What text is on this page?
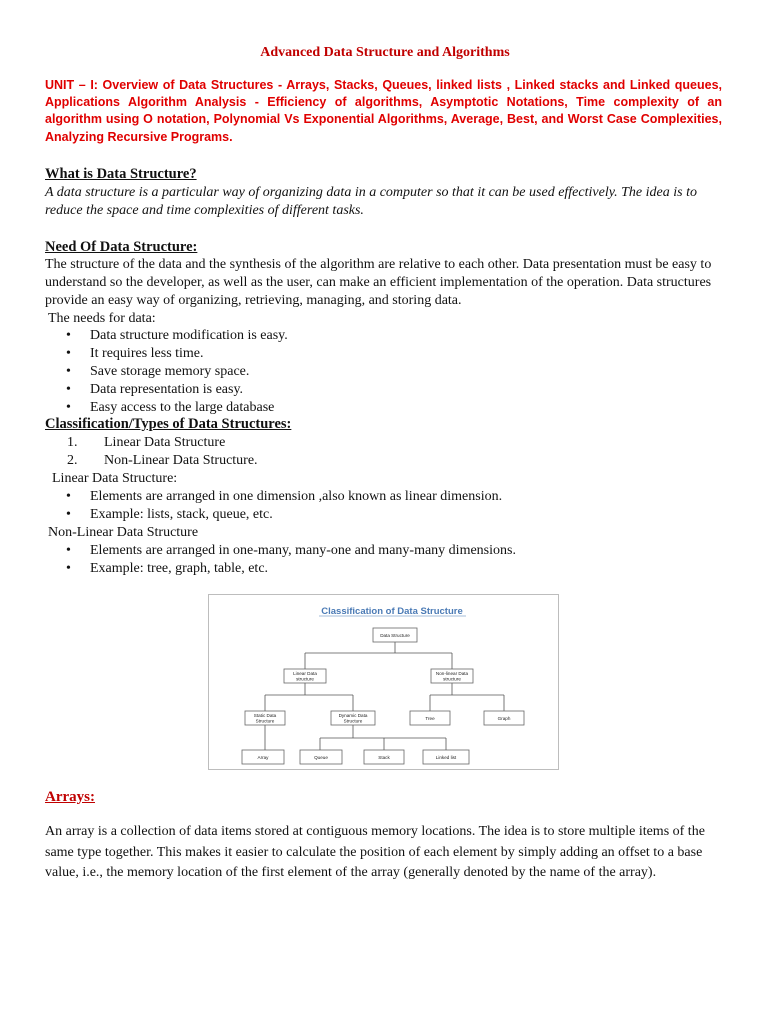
Advanced Data Structure and Algorithms
UNIT – I: Overview of Data Structures - Arrays, Stacks, Queues, linked lists , Linked stacks and Linked queues, Applications Algorithm Analysis - Efficiency of algorithms, Asymptotic Notations, Time complexity of an algorithm using O notation, Polynomial Vs Exponential Algorithms, Average, Best, and Worst Case Complexities, Analyzing Recursive Programs.
What is Data Structure?
A data structure is a particular way of organizing data in a computer so that it can be used effectively. The idea is to reduce the space and time complexities of different tasks.
Need Of Data Structure:
The structure of the data and the synthesis of the algorithm are relative to each other. Data presentation must be easy to understand so the developer, as well as the user, can make an efficient implementation of the operation. Data structures provide an easy way of organizing, retrieving, managing, and storing data.
The needs for data:
• Data structure modification is easy.
• It requires less time.
• Save storage memory space.
• Data representation is easy.
• Easy access to the large database
Classification/Types of Data Structures:
1. Linear Data Structure
2. Non-Linear Data Structure.
Linear Data Structure:
• Elements are arranged in one dimension ,also known as linear dimension.
• Example: lists, stack, queue, etc.
Non-Linear Data Structure
• Elements are arranged in one-many, many-one and many-many dimensions.
• Example: tree, graph, table, etc.
Arrays:
An array is a collection of data items stored at contiguous memory locations. The idea is to store multiple items of the same type together. This makes it easier to calculate the position of each element by simply adding an offset to a base value, i.e., the memory location of the first element of the array (generally denoted by the name of the array).
Classification of Data Structure
Data Structure
Linear Data
structure
Non-linear Data
structure
Static Data
Structure
Dynamic Data
Structure	Tree	Graph
Array	Queue	Stack	Linked list
